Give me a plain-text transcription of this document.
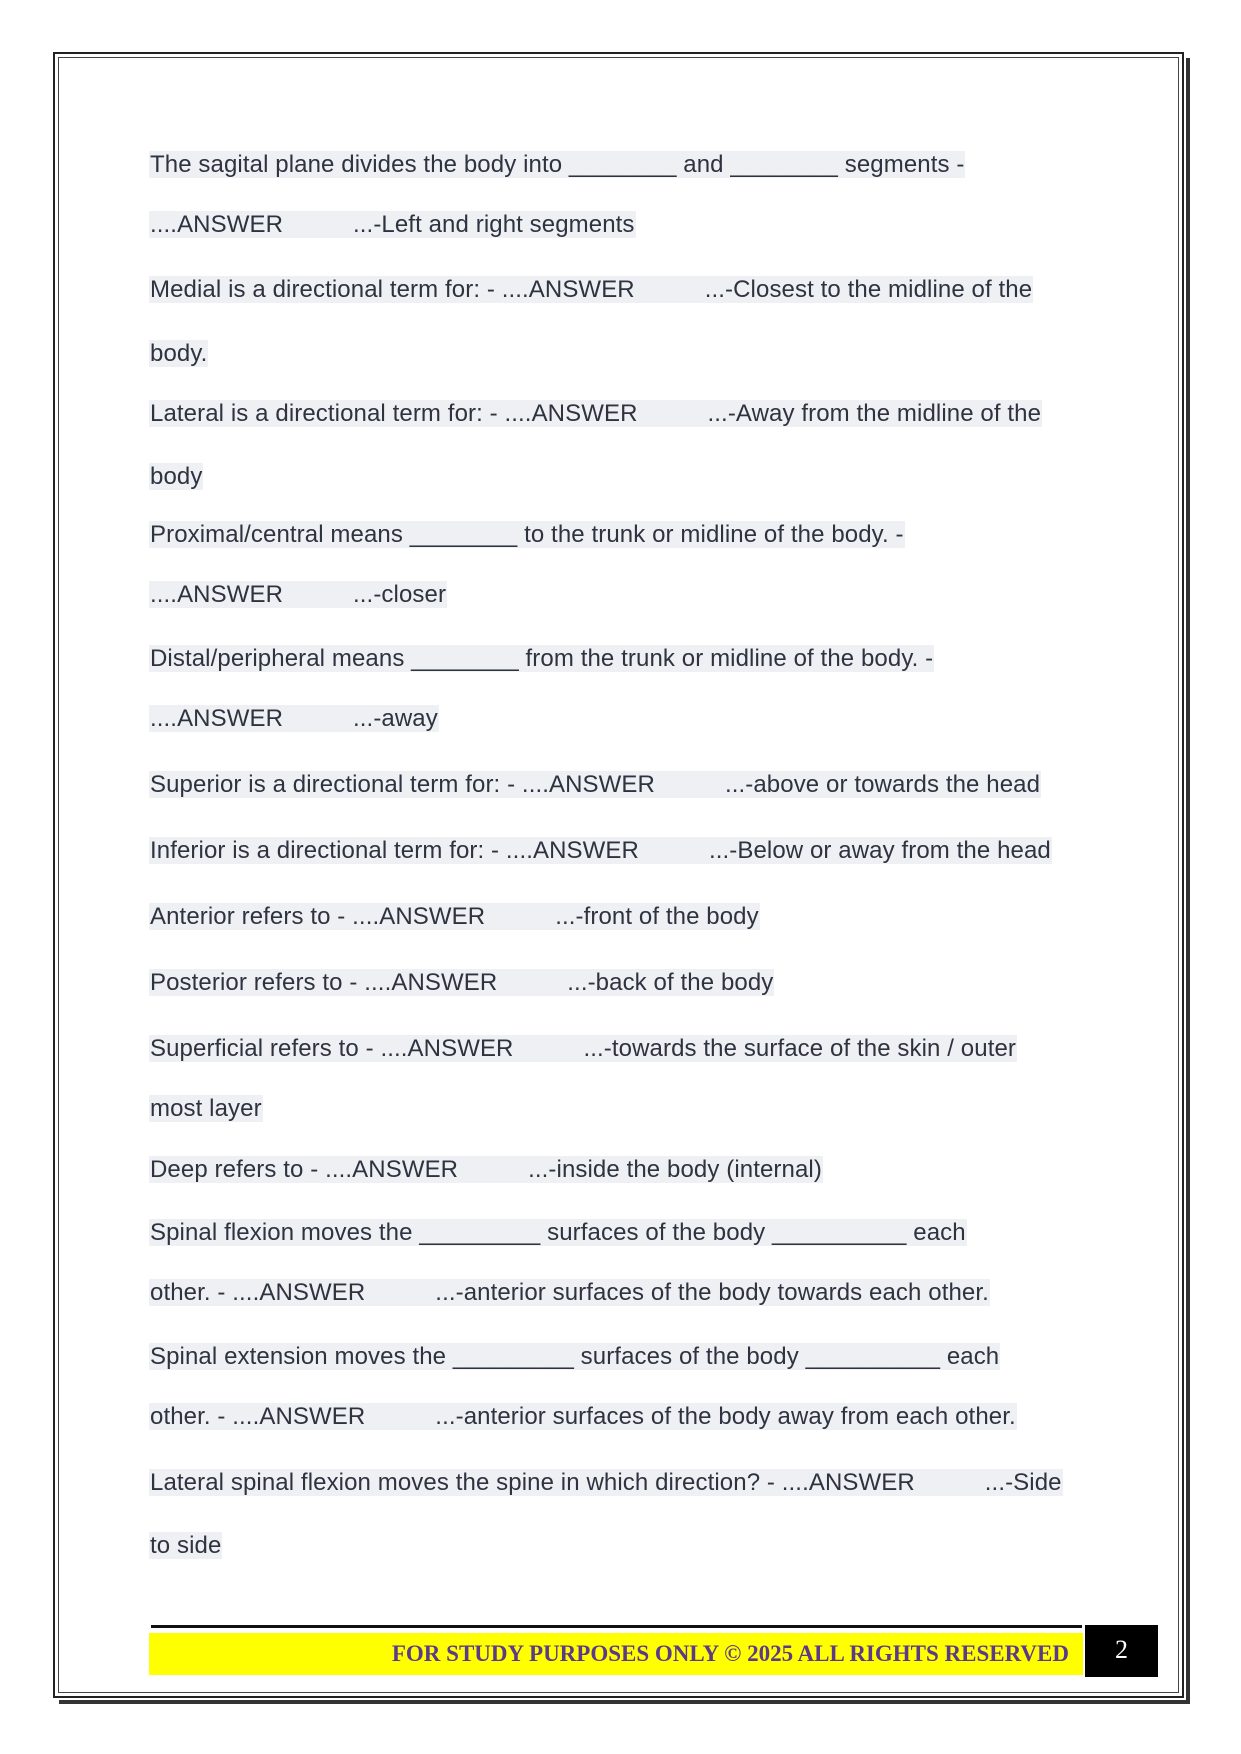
The sagital plane divides the body into ________ and ________ segments -
....ANSWER	...-Left and right segments
Medial is a directional term for: - ....ANSWER	...-Closest to the midline of the
body.
Lateral is a directional term for: - ....ANSWER	...-Away from the midline of the
body
Proximal/central means ________ to the trunk or midline of the body. -
....ANSWER	...-closer
Distal/peripheral means ________ from the trunk or midline of the body. -
....ANSWER	...-away
Superior is a directional term for: - ....ANSWER	...-above or towards the head
Inferior is a directional term for: - ....ANSWER	...-Below or away from the head
Anterior refers to - ....ANSWER	...-front of the body
Posterior refers to - ....ANSWER	...-back of the body
Superficial refers to - ....ANSWER	...-towards the surface of the skin / outer
most layer
Deep refers to - ....ANSWER	...-inside the body (internal)
Spinal flexion moves the _________ surfaces of the body __________ each
other. - ....ANSWER	...-anterior surfaces of the body towards each other.
Spinal extension moves the _________ surfaces of the body __________ each
other. - ....ANSWER	...-anterior surfaces of the body away from each other.
Lateral spinal flexion moves the spine in which direction? - ....ANSWER	...-Side
to side
FOR STUDY PURPOSES ONLY © 2025 ALL RIGHTS RESERVED	2
